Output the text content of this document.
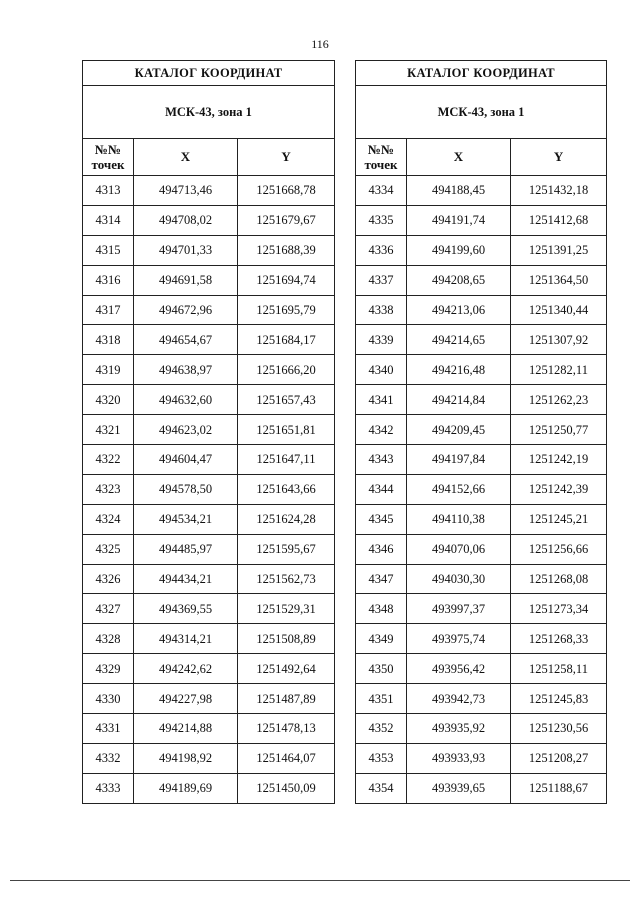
116
КАТАЛОГ КООРДИНАТ		
МСК-43, зона 1		
№№
точек	X	Y
4313	494713,46	1251668,78
4314	494708,02	1251679,67
4315	494701,33	1251688,39
4316	494691,58	1251694,74
4317	494672,96	1251695,79
4318	494654,67	1251684,17
4319	494638,97	1251666,20
4320	494632,60	1251657,43
4321	494623,02	1251651,81
4322	494604,47	1251647,11
4323	494578,50	1251643,66
4324	494534,21	1251624,28
4325	494485,97	1251595,67
4326	494434,21	1251562,73
4327	494369,55	1251529,31
4328	494314,21	1251508,89
4329	494242,62	1251492,64
4330	494227,98	1251487,89
4331	494214,88	1251478,13
4332	494198,92	1251464,07
4333	494189,69	1251450,09
КАТАЛОГ КООРДИНАТ		
МСК-43, зона 1		
№№
точек	X	Y
4334	494188,45	1251432,18
4335	494191,74	1251412,68
4336	494199,60	1251391,25
4337	494208,65	1251364,50
4338	494213,06	1251340,44
4339	494214,65	1251307,92
4340	494216,48	1251282,11
4341	494214,84	1251262,23
4342	494209,45	1251250,77
4343	494197,84	1251242,19
4344	494152,66	1251242,39
4345	494110,38	1251245,21
4346	494070,06	1251256,66
4347	494030,30	1251268,08
4348	493997,37	1251273,34
4349	493975,74	1251268,33
4350	493956,42	1251258,11
4351	493942,73	1251245,83
4352	493935,92	1251230,56
4353	493933,93	1251208,27
4354	493939,65	1251188,67
